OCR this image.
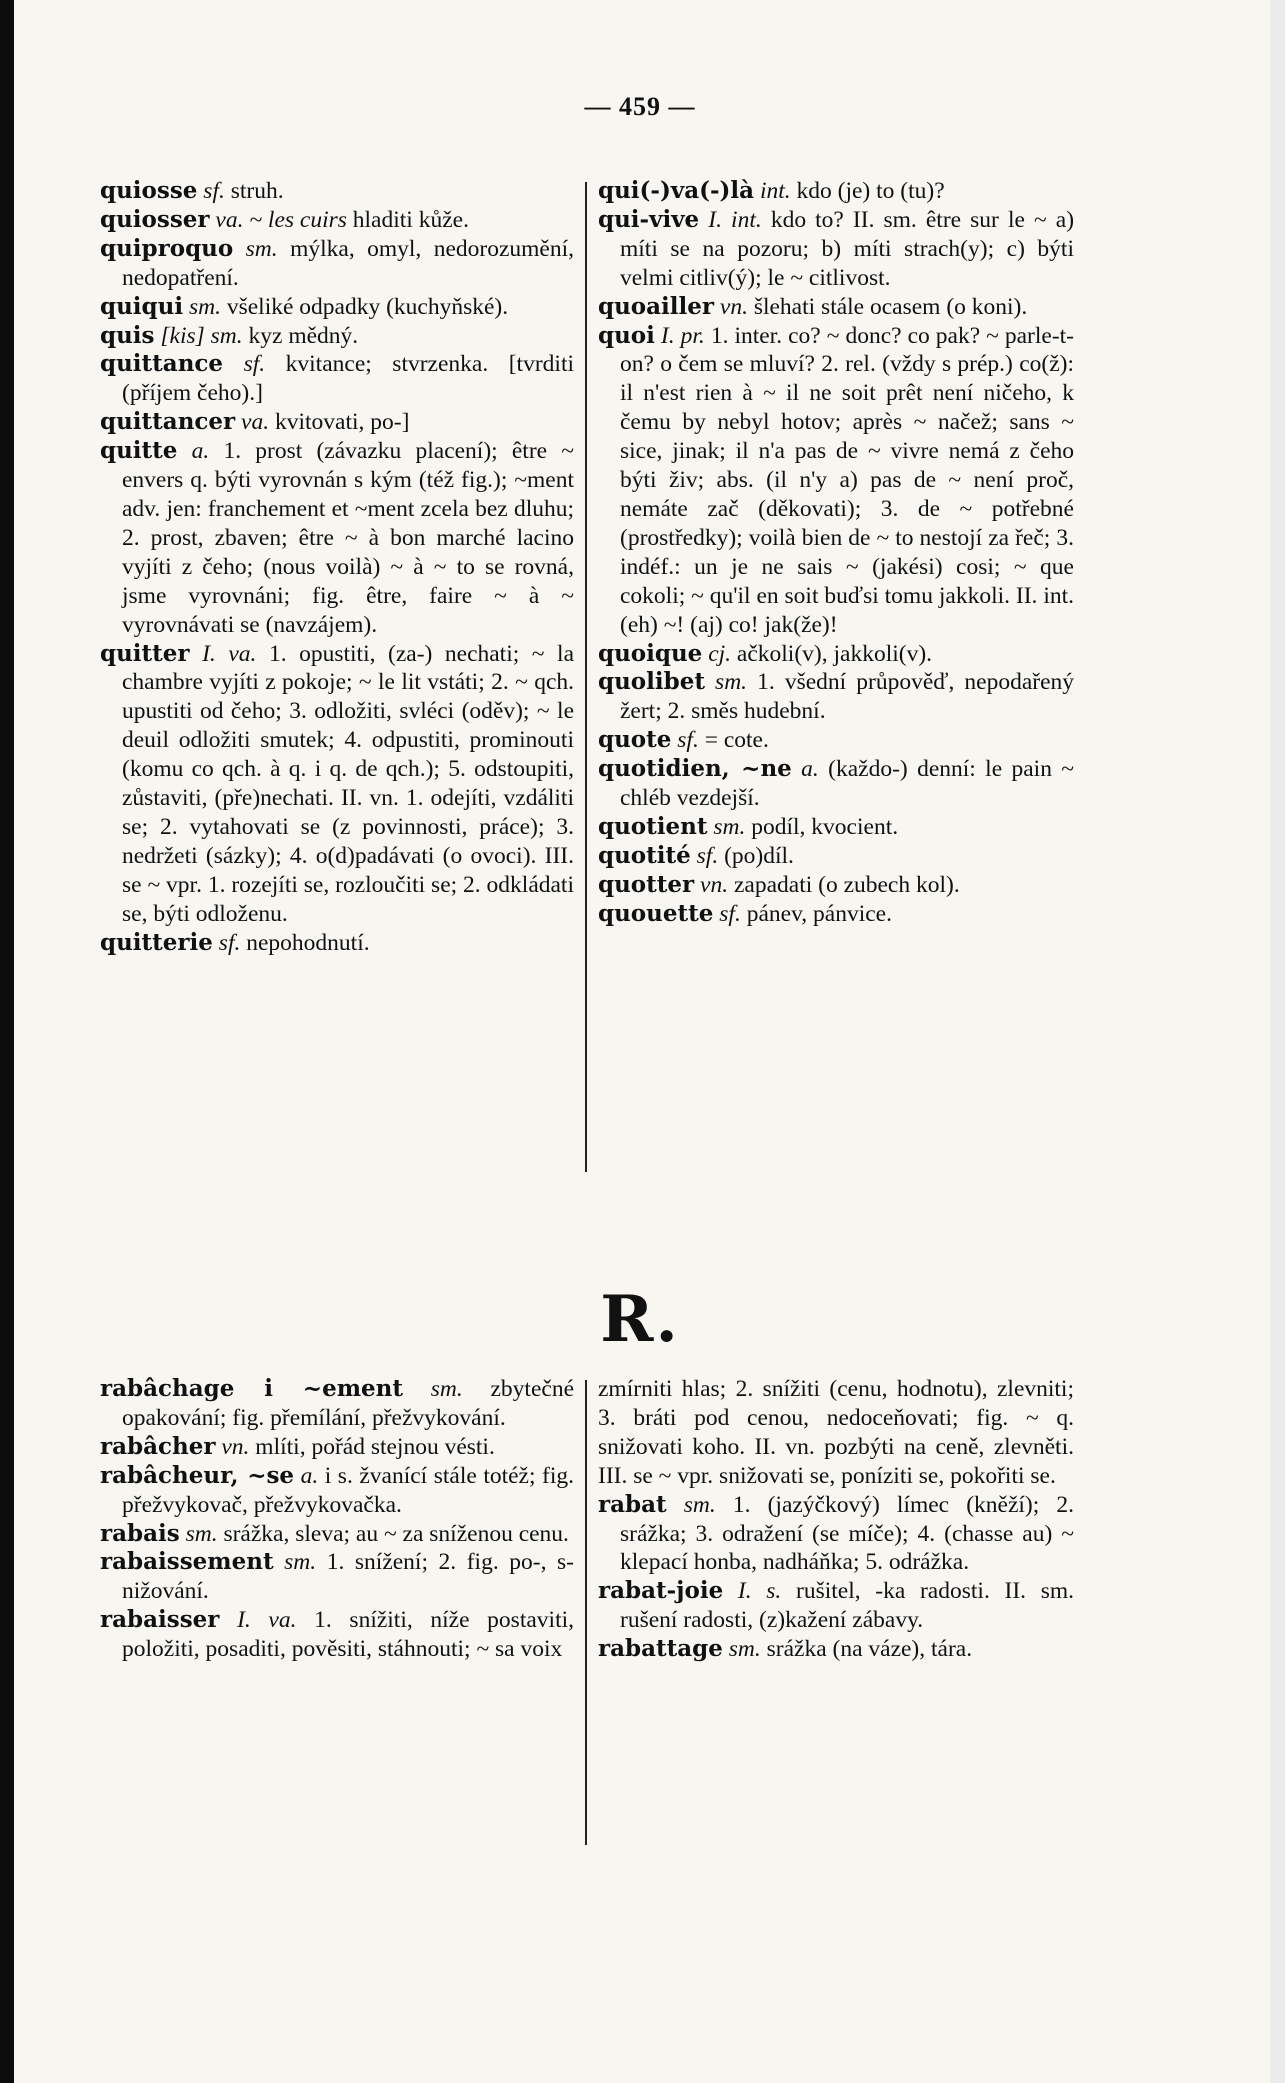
— 459 —

quiosse sf. struh.

quiosser va. ~ les cuirs hladiti kůže.

quiproquo sm. mýlka, omyl, nedorozumění, nedopatření.

quiqui sm. všeliké odpadky (kuchyňské).

quis [kis] sm. kyz mědný.

quittance sf. kvitance; stvrzenka. [tvrditi (příjem čeho).]

quittancer va. kvitovati, po-]

quitte a. 1. prost (závazku placení); être ~ envers q. býti vyrovnán s kým (též fig.); ~ment adv. jen: franchement et ~ment zcela bez dluhu; 2. prost, zbaven; être ~ à bon marché lacino vyjíti z čeho; (nous voilà) ~ à ~ to se rovná, jsme vyrovnáni; fig. être, faire ~ à ~ vyrovnávati se (navzájem).

quitter I. va. 1. opustiti, (za-) nechati; ~ la chambre vyjíti z pokoje; ~ le lit vstáti; 2. ~ qch. upustiti od čeho; 3. odložiti, svléci (oděv); ~ le deuil odložiti smutek; 4. odpustiti, prominouti (komu co qch. à q. i q. de qch.); 5. odstoupiti, zůstaviti, (pře)nechati. II. vn. 1. odejíti, vzdáliti se; 2. vytahovati se (z povinnosti, práce); 3. nedržeti (sázky); 4. o(d)padávati (o ovoci). III. se ~ vpr. 1. rozejíti se, rozloučiti se; 2. odkládati se, býti odloženu.

quitterie sf. nepohodnutí.

qui(-)va(-)là int. kdo (je) to (tu)?

qui-vive I. int. kdo to? II. sm. être sur le ~ a) míti se na pozoru; b) míti strach(y); c) býti velmi citliv(ý); le ~ citlivost.

quoailler vn. šlehati stále ocasem (o koni).

quoi I. pr. 1. inter. co? ~ donc? co pak? ~ parle-t-on? o čem se mluví? 2. rel. (vždy s prép.) co(ž): il n'est rien à ~ il ne soit prêt není ničeho, k čemu by nebyl hotov; après ~ načež; sans ~ sice, jinak; il n'a pas de ~ vivre nemá z čeho býti živ; abs. (il n'y a) pas de ~ není proč, nemáte zač (děkovati); 3. de ~ potřebné (prostředky); voilà bien de ~ to nestojí za řeč; 3. indéf.: un je ne sais ~ (jakési) cosi; ~ que cokoli; ~ qu'il en soit buďsi tomu jakkoli. II. int. (eh) ~! (aj) co! jak(že)!

quoique cj. ačkoli(v), jakkoli(v).

quolibet sm. 1. všední průpověď, nepodařený žert; 2. směs hudební.

quote sf. = cote.

quotidien, ~ne a. (každo-) denní: le pain ~ chléb vezdejší.

quotient sm. podíl, kvocient.

quotité sf. (po)díl.

quotter vn. zapadati (o zubech kol).

quouette sf. pánev, pánvice.

R.

rabâchage i ~ement sm. zbytečné opakování; fig. přemílání, přežvykování.

rabâcher vn. mlíti, pořád stejnou vésti.

rabâcheur, ~se a. i s. žvanící stále totéž; fig. přežvykovač, přežvykovačka.

rabais sm. srážka, sleva; au ~ za sníženou cenu.

rabaissement sm. 1. snížení; 2. fig. po-, s-nižování.

rabaisser I. va. 1. snížiti, níže postaviti, položiti, posaditi, pověsiti, stáhnouti; ~ sa voix

zmírniti hlas; 2. snížiti (cenu, hodnotu), zlevniti; 3. bráti pod cenou, nedoceňovati; fig. ~ q. snižovati koho. II. vn. pozbýti na ceně, zlevněti. III. se ~ vpr. snižovati se, poníziti se, pokořiti se.

rabat sm. 1. (jazýčkový) límec (kněží); 2. srážka; 3. odražení (se míče); 4. (chasse au) ~ klepací honba, nadháňka; 5. odrážka.

rabat-joie I. s. rušitel, -ka radosti. II. sm. rušení radosti, (z)kažení zábavy.

rabattage sm. srážka (na váze), tára.
